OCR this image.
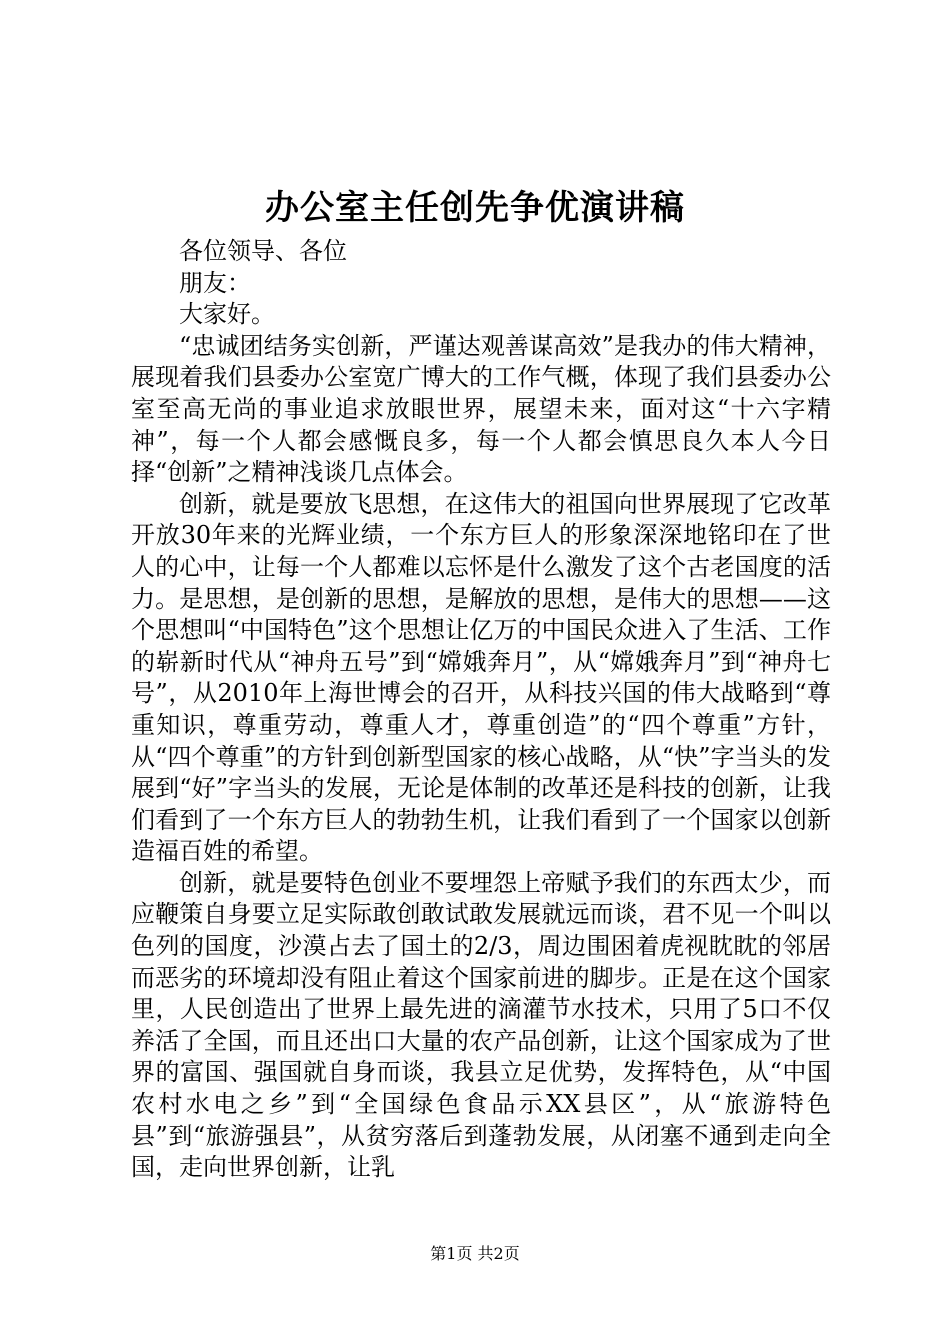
办公室主任创先争优演讲稿

各位领导、各位

朋友：

大家好。

“忠诚团结务实创新，严谨达观善谋高效”是我办的伟大精神，展现着我们县委办公室宽广博大的工作气概，体现了我们县委办公室至高无尚的事业追求放眼世界，展望未来，面对这“十六字精神”，每一个人都会感慨良多，每一个人都会慎思良久本人今日择“创新”之精神浅谈几点体会。

创新，就是要放飞思想，在这伟大的祖国向世界展现了它改革开放30年来的光辉业绩，一个东方巨人的形象深深地铭印在了世人的心中，让每一个人都难以忘怀是什么激发了这个古老国度的活力。是思想，是创新的思想，是解放的思想，是伟大的思想——这个思想叫“中国特色”这个思想让亿万的中国民众进入了生活、工作的崭新时代从“神舟五号”到“嫦娥奔月”，从“嫦娥奔月”到“神舟七号”，从2010年上海世博会的召开，从科技兴国的伟大战略到“尊重知识，尊重劳动，尊重人才，尊重创造”的“四个尊重”方针，从“四个尊重”的方针到创新型国家的核心战略，从“快”字当头的发展到“好”字当头的发展，无论是体制的改革还是科技的创新，让我们看到了一个东方巨人的勃勃生机，让我们看到了一个国家以创新造福百姓的希望。

创新，就是要特色创业不要埋怨上帝赋予我们的东西太少，而应鞭策自身要立足实际敢创敢试敢发展就远而谈，君不见一个叫以色列的国度，沙漠占去了国土的2/3，周边围困着虎视眈眈的邻居而恶劣的环境却没有阻止着这个国家前进的脚步。正是在这个国家里，人民创造出了世界上最先进的滴灌节水技术，只用了5口不仅养活了全国，而且还出口大量的农产品创新，让这个国家成为了世界的富国、强国就自身而谈，我县立足优势，发挥特色，从“中国农村水电之乡”到“全国绿色食品示XX县区”，从“旅游特色县”到“旅游强县”，从贫穷落后到蓬勃发展，从闭塞不通到走向全国，走向世界创新，让乳

第1页 共2页
